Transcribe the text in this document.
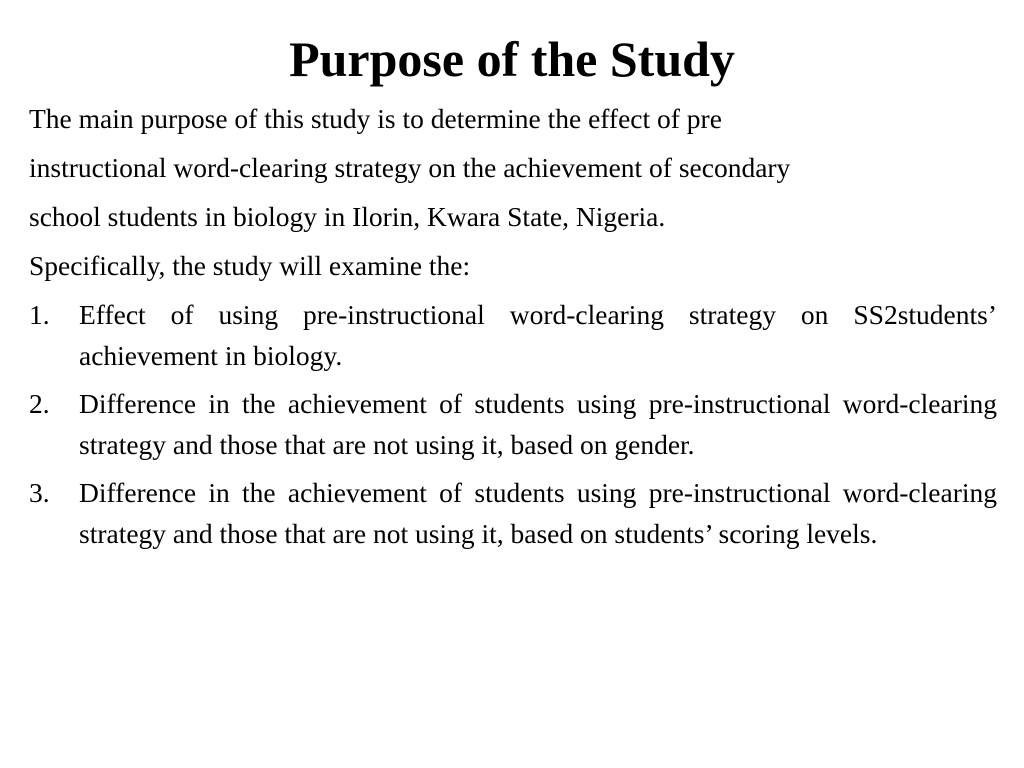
Purpose of the Study

The main purpose of this study is to determine the effect of pre

instructional word-clearing strategy on the achievement of secondary

school students in biology in Ilorin, Kwara State, Nigeria.

Specifically, the study will examine the:

1. Effect of using pre-instructional word-clearing strategy on SS2students’ achievement in biology.
2. Difference in the achievement of students using pre-instructional word-clearing strategy and those that are not using it, based on gender.
3. Difference in the achievement of students using pre-instructional word-clearing strategy and those that are not using it, based on students’ scoring levels.
